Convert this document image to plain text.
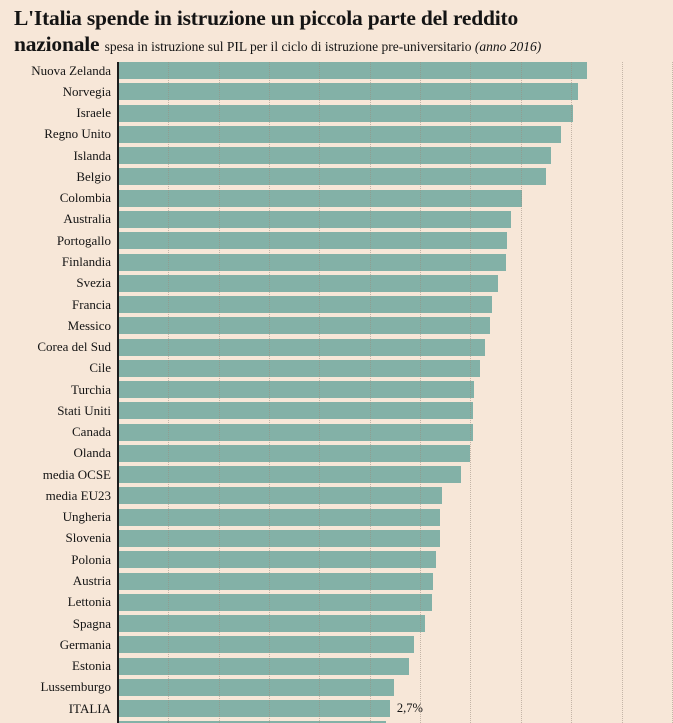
L'Italia spende in istruzione un piccola parte del reddito
nazionale spesa in istruzione sul PIL per il ciclo di istruzione pre-universitario (anno 2016)
Nuova Zelanda
Norvegia
Israele
Regno Unito
Islanda
Belgio
Colombia
Australia
Portogallo
Finlandia
Svezia
Francia
Messico
Corea del Sud
Cile
Turchia
Stati Uniti
Canada
Olanda
media OCSE
media EU23
Ungheria
Slovenia
Polonia
Austria
Lettonia
Spagna
Germania
Estonia
Lussemburgo
ITALIA	2,7%
